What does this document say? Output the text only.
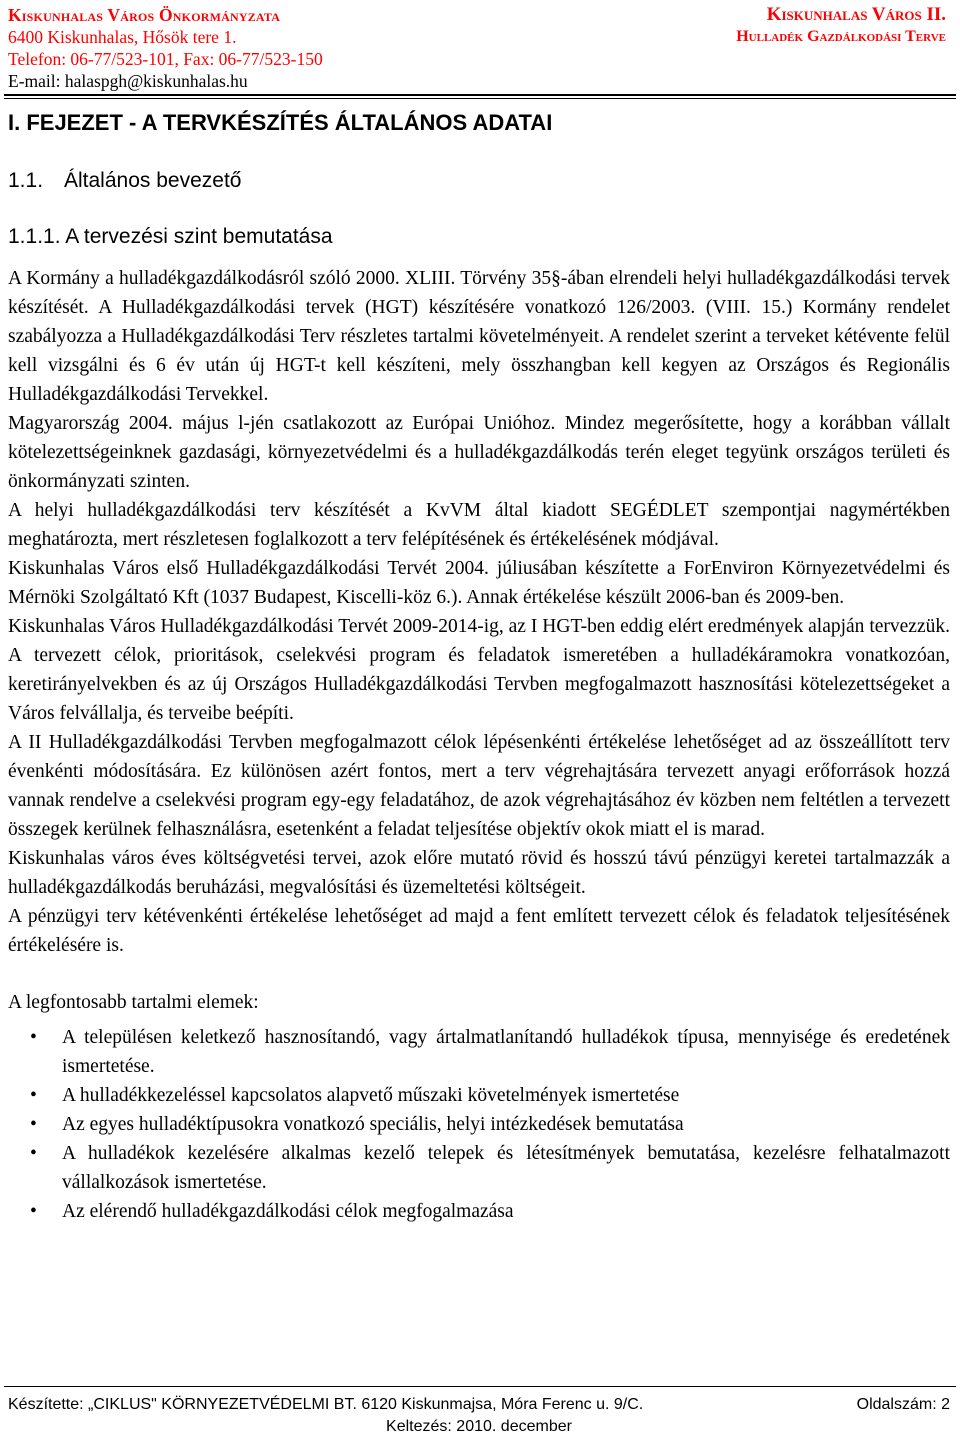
Kiskunhalas Város Önkormányzata
6400 Kiskunhalas, Hősök tere 1.
Telefon: 06-77/523-101, Fax: 06-77/523-150
E-mail: halaspgh@kiskunhalas.hu
Kiskunhalas Város II.
Hulladék Gazdálkodási Terve
I. FEJEZET - A TERVKÉSZÍTÉS ÁLTALÁNOS ADATAI
1.1. Általános bevezető
1.1.1. A tervezési szint bemutatása

A Kormány a hulladékgazdálkodásról szóló 2000. XLIII. Törvény 35§-ában elrendeli helyi hulladékgazdálkodási tervek készítését. A Hulladékgazdálkodási tervek (HGT) készítésére vonatkozó 126/2003. (VIII. 15.) Kormány rendelet szabályozza a Hulladékgazdálkodási Terv részletes tartalmi követelményeit. A rendelet szerint a terveket kétévente felül kell vizsgálni és 6 év után új HGT-t kell készíteni, mely összhangban kell kegyen az Országos és Regionális Hulladékgazdálkodási Tervekkel.

Magyarország 2004. május l-jén csatlakozott az Európai Unióhoz. Mindez megerősítette, hogy a korábban vállalt kötelezettségeinknek gazdasági, környezetvédelmi és a hulladékgazdálkodás terén eleget tegyünk országos területi és önkormányzati szinten.

A helyi hulladékgazdálkodási terv készítését a KvVM által kiadott SEGÉDLET szempontjai nagymértékben meghatározta, mert részletesen foglalkozott a terv felépítésének és értékelésének módjával.

Kiskunhalas Város első Hulladékgazdálkodási Tervét 2004. júliusában készítette a ForEnviron Környezetvédelmi és Mérnöki Szolgáltató Kft (1037 Budapest, Kiscelli-köz 6.). Annak értékelése készült 2006-ban és 2009-ben.

Kiskunhalas Város Hulladékgazdálkodási Tervét 2009-2014-ig, az I HGT-ben eddig elért eredmények alapján tervezzük. A tervezett célok, prioritások, cselekvési program és feladatok ismeretében a hulladékáramokra vonatkozóan, keretirányelvekben és az új Országos Hulladékgazdálkodási Tervben megfogalmazott hasznosítási kötelezettségeket a Város felvállalja, és terveibe beépíti.

A II Hulladékgazdálkodási Tervben megfogalmazott célok lépésenkénti értékelése lehetőséget ad az összeállított terv évenkénti módosítására. Ez különösen azért fontos, mert a terv végrehajtására tervezett anyagi erőforrások hozzá vannak rendelve a cselekvési program egy-egy feladatához, de azok végrehajtásához év közben nem feltétlen a tervezett összegek kerülnek felhasználásra, esetenként a feladat teljesítése objektív okok miatt el is marad.

Kiskunhalas város éves költségvetési tervei, azok előre mutató rövid és hosszú távú pénzügyi keretei tartalmazzák a hulladékgazdálkodás beruházási, megvalósítási és üzemeltetési költségeit.

A pénzügyi terv kétévenkénti értékelése lehetőséget ad majd a fent említett tervezett célok és feladatok teljesítésének értékelésére is.

A legfontosabb tartalmi elemek:

• A településen keletkező hasznosítandó, vagy ártalmatlanítandó hulladékok típusa, mennyisége és eredetének ismertetése.
• A hulladékkezeléssel kapcsolatos alapvető műszaki követelmények ismertetése
• Az egyes hulladéktípusokra vonatkozó speciális, helyi intézkedések bemutatása
• A hulladékok kezelésére alkalmas kezelő telepek és létesítmények bemutatása, kezelésre felhatalmazott vállalkozások ismertetése.
• Az elérendő hulladékgazdálkodási célok megfogalmazása
Készítette: „CIKLUS" KÖRNYEZETVÉDELMI BT. 6120 Kiskunmajsa, Móra Ferenc u. 9/C.	Oldalszám: 2
Keltezés: 2010. december
